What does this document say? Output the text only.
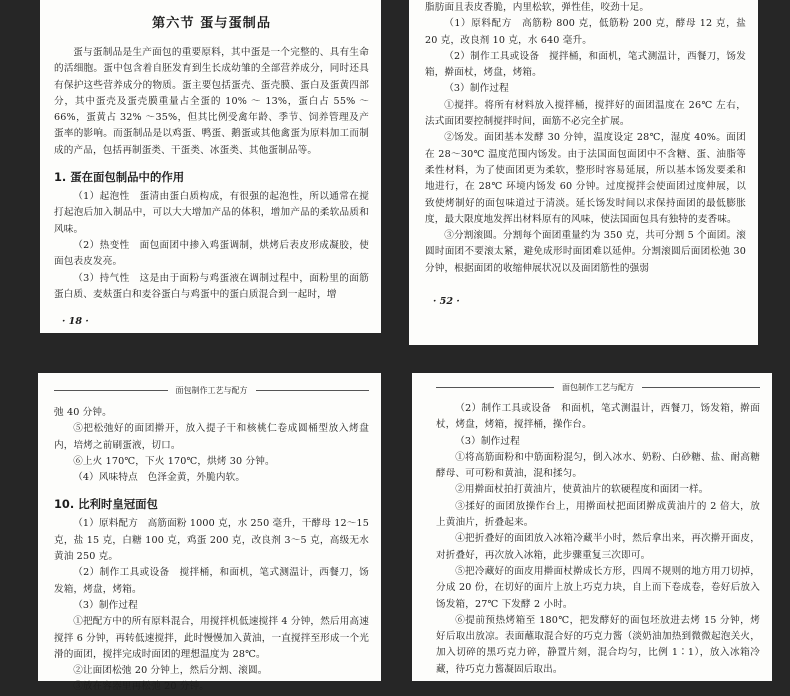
第六节 蛋与蛋制品

蛋与蛋制品是生产面包的重要原料，其中蛋是一个完整的、具有生命的活细胞。蛋中包含着自胚发育到生长成幼雏的全部营养成分，同时还具有保护这些营养成分的物质。蛋主要包括蛋壳、蛋壳膜、蛋白及蛋黄四部分，其中蛋壳及蛋壳膜重量占全蛋的 10% ～ 13%，蛋白占 55% ～66%，蛋黄占 32% ～35%，但其比例受禽年龄、季节、饲养管理及产蛋率的影响。而蛋制品是以鸡蛋、鸭蛋、鹅蛋或其他禽蛋为原料加工而制成的产品，包括再制蛋类、干蛋类、冰蛋类、其他蛋制品等。

1. 蛋在面包制品中的作用

（1）起泡性　蛋清由蛋白质构成，有很强的起泡性，所以通常在搅打起泡后加入制品中，可以大大增加产品的体积，增加产品的柔软品质和风味。

（2）热变性　面包面团中掺入鸡蛋调制，烘烤后表皮形成凝胶，使面包表皮发亮。

（3）持气性　这是由于面粉与鸡蛋液在调制过程中，面粉里的面筋蛋白质、麦麸蛋白和麦谷蛋白与鸡蛋中的蛋白质混合到一起时，增

· 18 ·

脂肪面且表皮香脆，内里松软，弹性佳，咬劲十足。

（1）原料配方　高筋粉 800 克，低筋粉 200 克，酵母 12 克，盐 20 克，改良剂 10 克，水 640 毫升。

（2）制作工具或设备　搅拌桶，和面机，笔式测温计，西餐刀，饧发箱，擀面杖，烤盘，烤箱。

（3）制作过程

①搅拌。将所有材料放入搅拌桶，搅拌好的面团温度在 26℃ 左右，法式面团要控制搅拌时间，面筋不必完全扩展。

②饧发。面团基本发酵 30 分钟，温度设定 28℃，湿度 40%。面团在 28～30℃ 温度范围内饧发。由于法国面包面团中不含糖、蛋、油脂等柔性材料，为了使面团更为柔软，整形时容易延展，所以基本饧发要柔和地进行，在 28℃ 环境内饧发 60 分钟。过度搅拌会使面团过度伸展，以致使烤制好的面包味道过于清淡。延长饧发时间以求保持面团的最低膨胀度，最大限度地发挥出材料原有的风味，使法国面包具有独特的麦香味。

③分割滚圆。分割每个面团重量约为 350 克，共可分割 5 个面团。滚圆时面团不要滚太紧，避免成形时面团难以延伸。分割滚圆后面团松弛 30 分钟，根据面团的收缩伸展状况以及面团筋性的强弱

· 52 ·
面包制作工艺与配方

弛 40 分钟。

⑤把松弛好的面团擀开，放入提子干和核桃仁卷成圆桶型放入烤盘内，培烤之前刷蛋液，切口。

⑥上火 170℃，下火 170℃，烘烤 30 分钟。

（4）风味特点　色泽金黄，外脆内软。

10. 比利时皇冠面包

（1）原料配方　高筋面粉 1000 克，水 250 毫升，干酵母 12～15 克，盐 15 克，白糖 100 克，鸡蛋 200 克，改良剂 3～5 克，高级无水黄油 250 克。

（2）制作工具或设备　搅拌桶，和面机，笔式测温计，西餐刀，饧发箱，烤盘，烤箱。

（3）制作过程

①把配方中的所有原料混合，用搅拌机低速搅拌 4 分钟，然后用高速搅拌 6 分钟，再转低速搅拌，此时慢慢加入黄油，一直搅拌至形成一个光滑的面团，搅拌完成时面团的理想温度为 28℃。

②让面团松弛 20 分钟上，然后分割、滚圆。

③放在容器里再松弛 20 分钟。

面包制作工艺与配方

（2）制作工具或设备　和面机，笔式测温计，西餐刀，饧发箱，擀面杖，烤盘，烤箱，搅拌桶，操作台。

（3）制作过程

①将高筋面粉和中筋面粉混匀，倒入冰水、奶粉、白砂糖、盐、耐高糖酵母、可可粉和黄油，混和揉匀。

②用擀面杖拍打黄油片，使黄油片的软硬程度和面团一样。

③揉好的面团放操作台上，用擀面杖把面团擀成黄油片的 2 倍大，放上黄油片，折叠起来。

④把折叠好的面团放入冰箱冷藏半小时，然后拿出来，再次擀开面皮，对折叠好，再次放入冰箱，此步骤重复三次即可。

⑤把冷藏好的面皮用擀面杖擀成长方形，四周不规则的地方用刀切掉，分成 20 份，在切好的面片上放上巧克力块，自上而下卷成卷，卷好后放入饧发箱，27℃ 下发酵 2 小时。

⑥提前预热烤箱至 180℃，把发酵好的面包坯放进去烤 15 分钟，烤好后取出放凉。表面蘸取混合好的巧克力酱（淡奶油加热到微微起泡关火，加入切碎的黑巧克力碎，静置片刻，混合均匀，比例 1∶1），放入冰箱冷藏，待巧克力酱凝固后取出。
